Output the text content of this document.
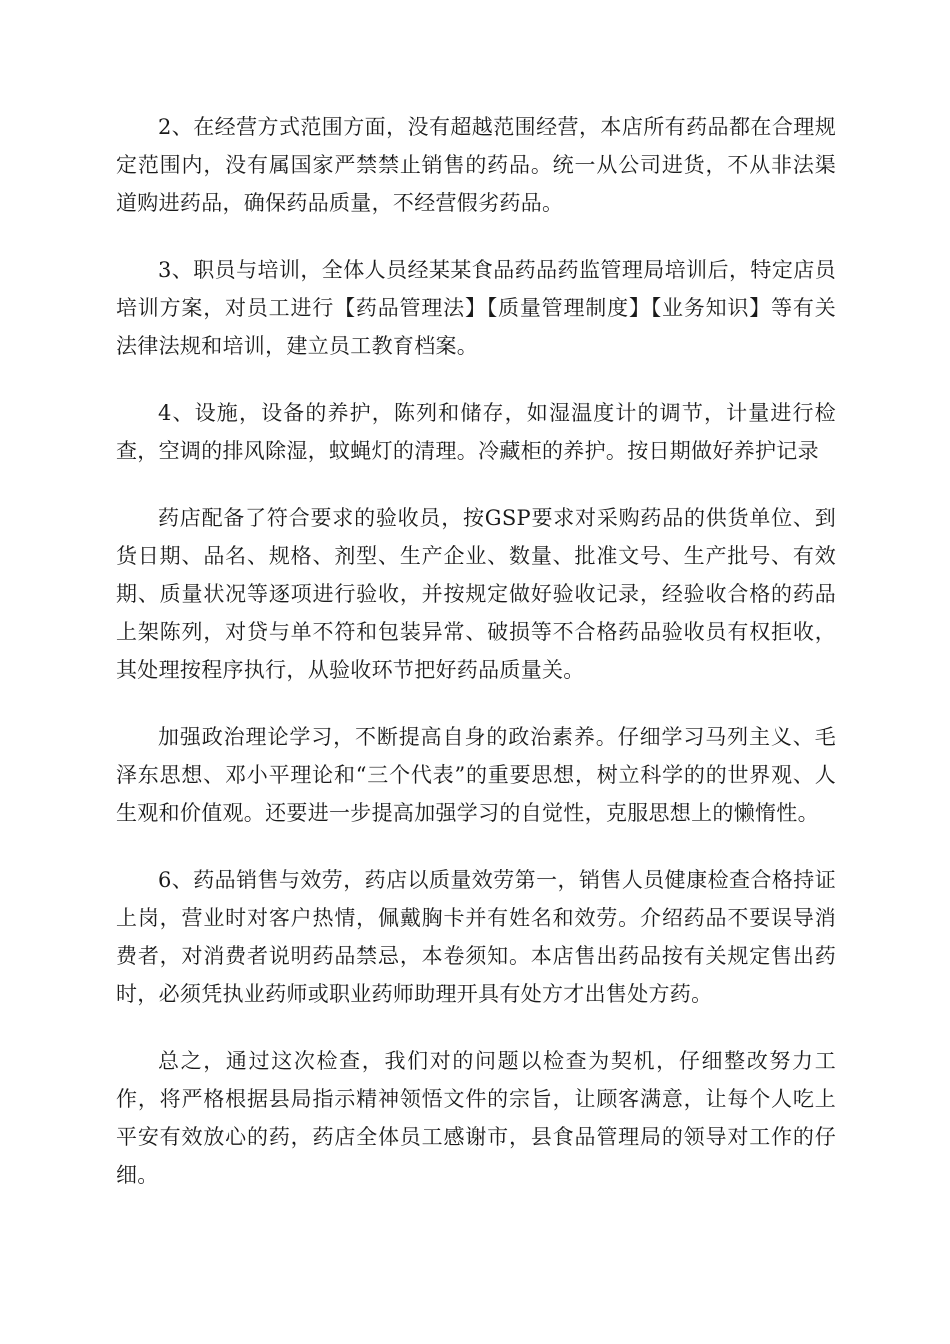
2、在经营方式范围方面，没有超越范围经营，本店所有药品都在合理规定范围内，没有属国家严禁禁止销售的药品。统一从公司进货，不从非法渠道购进药品，确保药品质量，不经营假劣药品。

3、职员与培训，全体人员经某某食品药品药监管理局培训后，特定店员培训方案，对员工进行【药品管理法】【质量管理制度】【业务知识】等有关法律法规和培训，建立员工教育档案。

4、设施，设备的养护，陈列和储存，如湿温度计的调节，计量进行检查，空调的排风除湿，蚊蝇灯的清理。冷藏柜的养护。按日期做好养护记录

药店配备了符合要求的验收员，按GSP要求对采购药品的供货单位、到货日期、品名、规格、剂型、生产企业、数量、批准文号、生产批号、有效期、质量状况等逐项进行验收，并按规定做好验收记录，经验收合格的药品上架陈列，对贷与单不符和包装异常、破损等不合格药品验收员有权拒收，其处理按程序执行，从验收环节把好药品质量关。

加强政治理论学习，不断提高自身的政治素养。仔细学习马列主义、毛泽东思想、邓小平理论和“三个代表”的重要思想，树立科学的的世界观、人生观和价值观。还要进一步提高加强学习的自觉性，克服思想上的懒惰性。

6、药品销售与效劳，药店以质量效劳第一，销售人员健康检查合格持证上岗，营业时对客户热情，佩戴胸卡并有姓名和效劳。介绍药品不要误导消费者，对消费者说明药品禁忌，本卷须知。本店售出药品按有关规定售出药时，必须凭执业药师或职业药师助理开具有处方才出售处方药。

总之，通过这次检查，我们对的问题以检查为契机，仔细整改努力工作，将严格根据县局指示精神领悟文件的宗旨，让顾客满意，让每个人吃上平安有效放心的药，药店全体员工感谢市，县食品管理局的领导对工作的仔细。
